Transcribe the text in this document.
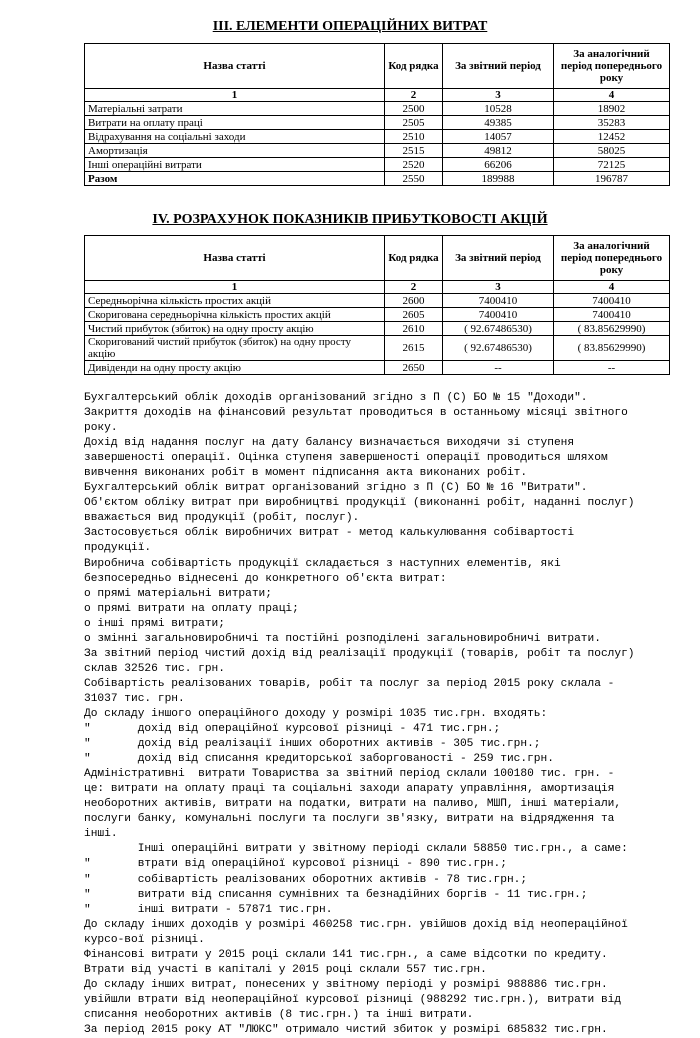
III. ЕЛЕМЕНТИ ОПЕРАЦІЙНИХ ВИТРАТ
Назва статті	Код рядка	За звітний період	За аналогічний період попереднього року
1	2	3	4
Матеріальні затрати	2500	10528	18902
Витрати на оплату праці	2505	49385	35283
Відрахування на соціальні заходи	2510	14057	12452
Амортизація	2515	49812	58025
Інші операційні витрати	2520	66206	72125
Разом	2550	189988	196787
IV. РОЗРАХУНОК ПОКАЗНИКІВ ПРИБУТКОВОСТІ АКЦІЙ
Назва статті	Код рядка	За звітний період	За аналогічний період попереднього року
1	2	3	4
Середньорічна кількість простих акцій	2600	7400410	7400410
Скоригована середньорічна кількість простих акцій	2605	7400410	7400410
Чистий прибуток (збиток) на одну просту акцію	2610	( 92.67486530)	( 83.85629990)
Скоригований чистий прибуток (збиток) на одну просту акцію	2615	( 92.67486530)	( 83.85629990)
Дивіденди на одну просту акцію	2650	--	--
Бухгалтерський облік доходів організований згідно з П (С) БО № 15 "Доходи".
Закриття доходів на фінансовий результат проводиться в останньому місяці звітного
року.
Дохід від надання послуг на дату балансу визначається виходячи зі ступеня
завершеності операції. Оцінка ступеня завершеності операції проводиться шляхом
вивчення виконаних робіт в момент підписання акта виконаних робіт.
Бухгалтерський облік витрат організований згідно з П (С) БО № 16 "Витрати".
Об'єктом обліку витрат при виробництві продукції (виконанні робіт, наданні послуг)
вважається вид продукції (робіт, послуг).
Застосовується облік виробничих витрат - метод калькулювання собівартості
продукції.
Виробнича собівартість продукції складається з наступних елементів, які
безпосередньо віднесені до конкретного об'єкта витрат:
о прямі матеріальні витрати;
о прямі витрати на оплату праці;
о інші прямі витрати;
о змінні загальновиробничі та постійні розподілені загальновиробничі витрати.
За звітний період чистий дохід від реалізації продукції (товарів, робіт та послуг)
склав 32526 тис. грн.
Собівартість реалізованих товарів, робіт та послуг за період 2015 року склала -
31037 тис. грн.
До складу іншого операційного доходу у розмірі 1035 тис.грн. входять:
"       дохід від операційної курсової різниці - 471 тис.грн.;
"       дохід від реалізації інших оборотних активів - 305 тис.грн.;
"       дохід від списання кредиторської заборгованості - 259 тис.грн.
Адміністративні  витрати Товариства за звітний період склали 100180 тис. грн. -
це: витрати на оплату праці та соціальні заходи апарату управління, амортизація
необоротних активів, витрати на податки, витрати на паливо, МШП, інші матеріали,
послуги банку, комунальні послуги та послуги зв'язку, витрати на відрядження та
інші.
Інші операційні витрати у звітному періоді склали 58850 тис.грн., а саме:
"       втрати від операційної курсової різниці - 890 тис.грн.;
"       собівартість реалізованих оборотних активів - 78 тис.грн.;
"       витрати від списання сумнівних та безнадійних боргів - 11 тис.грн.;
"       інші витрати - 57871 тис.грн.
До складу інших доходів у розмірі 460258 тис.грн. увійшов дохід від неопераційної
курсо-вої різниці.
Фінансові витрати у 2015 році склали 141 тис.грн., а саме відсотки по кредиту.
Втрати від участі в капіталі у 2015 році склали 557 тис.грн.
До складу інших витрат, понесених у звітному періоді у розмірі 988886 тис.грн.
увійшли втрати від неопераційної курсової різниці (988292 тис.грн.), витрати від
списання необоротних активів (8 тис.грн.) та інші витрати.
За період 2015 року АТ "ЛЮКС" отримало чистий збиток у розмірі 685832 тис.грн.
